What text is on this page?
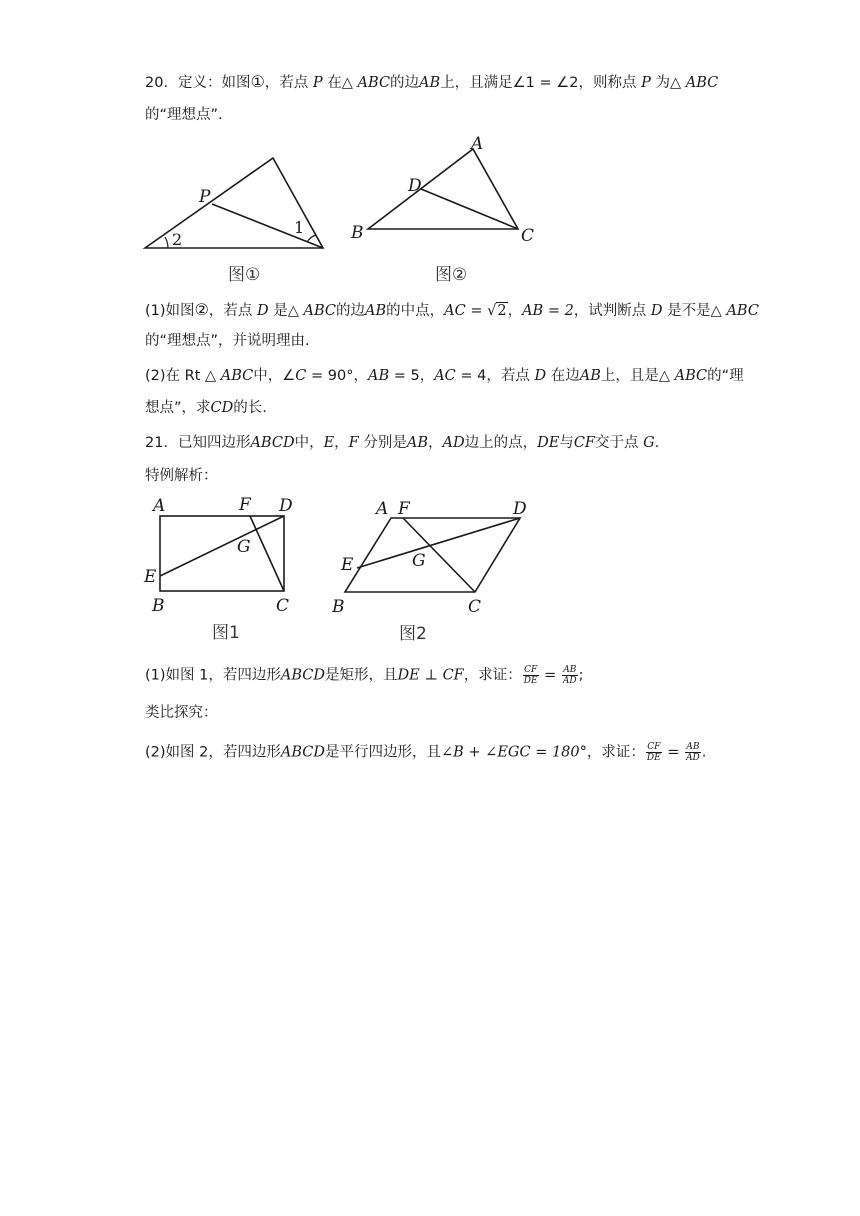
20．定义：如图①，若点 P 在△ ABC的边AB上，且满足∠1 = ∠2，则称点 P 为△ ABC
的“理想点”.
P
2
1
图①
A
D
B	C
图②
(1)如图②，若点 D 是△ ABC的边AB的中点，AC = √2，AB = 2，试判断点 D 是不是△ ABC
的“理想点”，并说明理由.
(2)在 Rt △ ABC中，∠C = 90°，AB = 5，AC = 4，若点 D 在边AB上，且是△ ABC的“理
想点”，求CD的长.
21．已知四边形ABCD中，E，F 分别是AB，AD边上的点，DE与CF交于点 G.
特例解析：
A	F D
G
E
B	C
图1
A F	D
E	G
B	C
图2
(1)如图 1，若四边形ABCD是矩形，且DE ⊥ CF，求证： $\frac{CF}{DE} = \frac{AB}{AD}$ ;
类比探究：
(2)如图 2，若四边形ABCD是平行四边形，且∠B + ∠EGC = 180°，求证： $\frac{CF}{DE} = \frac{AB}{AD}$ .
